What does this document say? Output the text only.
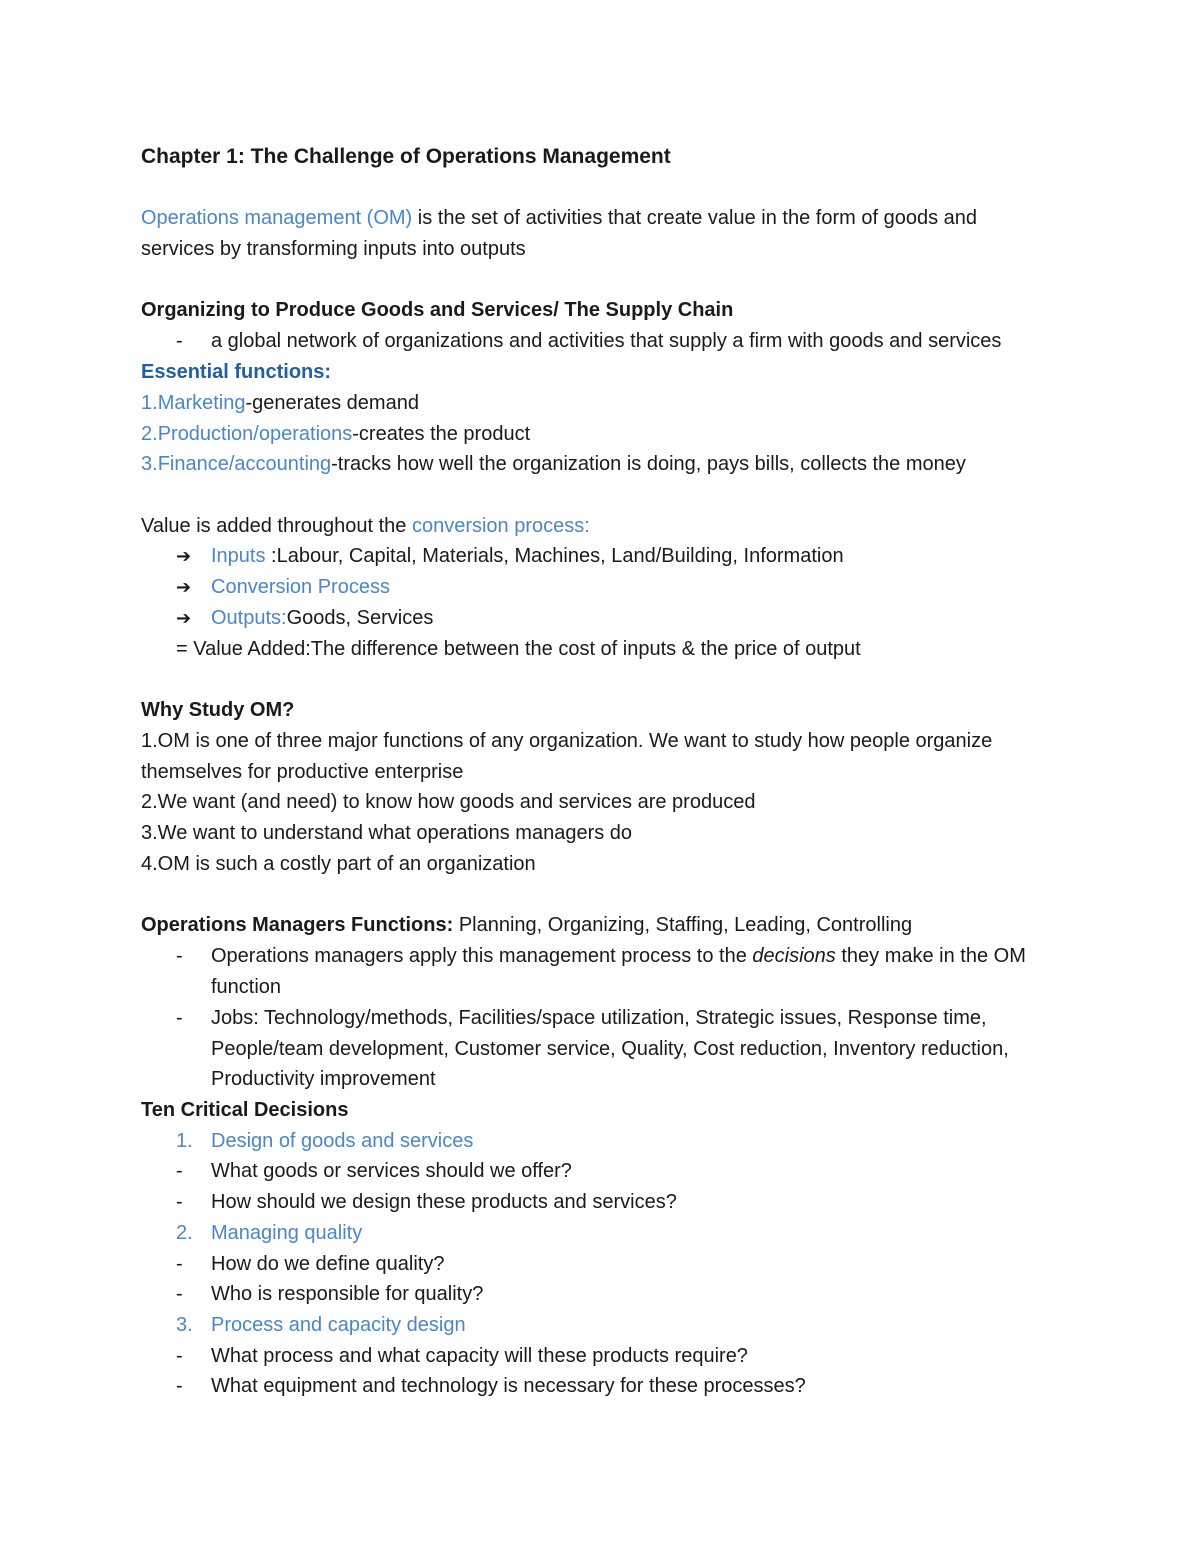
Chapter 1: The Challenge of Operations Management
Operations management (OM) is the set of activities that create value in the form of goods and
services by transforming inputs into outputs
Organizing to Produce Goods and Services/ The Supply Chain
- a global network of organizations and activities that supply a firm with goods and services
Essential functions:
1.Marketing-generates demand
2.Production/operations-creates the product
3.Finance/accounting-tracks how well the organization is doing, pays bills, collects the money
Value is added throughout the conversion process:
➔ Inputs :Labour, Capital, Materials, Machines, Land/Building, Information
➔ Conversion Process
➔ Outputs:Goods, Services
= Value Added:The difference between the cost of inputs & the price of output
Why Study OM?
1.OM is one of three major functions of any organization. We want to study how people organize
themselves for productive enterprise
2.We want (and need) to know how goods and services are produced
3.We want to understand what operations managers do
4.OM is such a costly part of an organization
Operations Managers Functions: Planning, Organizing, Staffing, Leading, Controlling
- Operations managers apply this management process to the decisions they make in the OM
function
- Jobs: Technology/methods, Facilities/space utilization, Strategic issues, Response time,
People/team development, Customer service, Quality, Cost reduction, Inventory reduction,
Productivity improvement
Ten Critical Decisions
1. Design of goods and services
- What goods or services should we offer?
- How should we design these products and services?
2. Managing quality
- How do we define quality?
- Who is responsible for quality?
3. Process and capacity design
- What process and what capacity will these products require?
- What equipment and technology is necessary for these processes?
